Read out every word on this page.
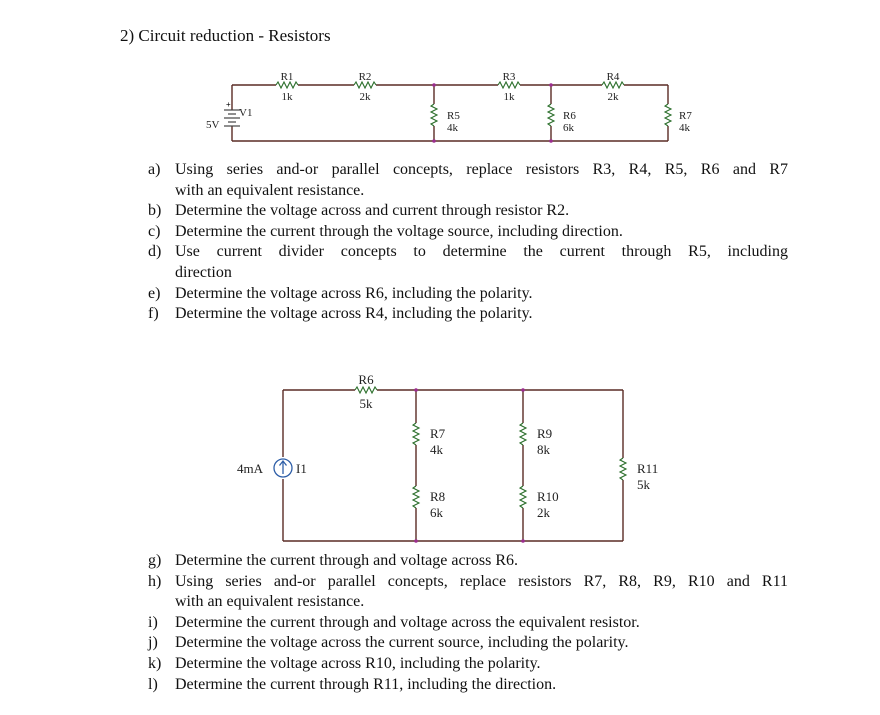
2) Circuit reduction - Resistors
+
R1
1k
R2
2k
R3
1k
R4
2k
R5
4k
R6
6k
R7
4k
V1
5V
R6
5k
R7
4k
R8
6k
R9
8k
R10
2k
R11
5k
I1
4mA
a) Using series and-or parallel concepts, replace resistors R3, R4, R5, R6 and R7
with an equivalent resistance.
b) Determine the voltage across and current through resistor R2.
c) Determine the current through the voltage source, including direction.
d) Use current divider concepts to determine the current through R5, including
direction
e) Determine the voltage across R6, including the polarity.
f) Determine the voltage across R4, including the polarity.
g) Determine the current through and voltage across R6.
h) Using series and-or parallel concepts, replace resistors R7, R8, R9, R10 and R11
with an equivalent resistance.
i) Determine the current through and voltage across the equivalent resistor.
j) Determine the voltage across the current source, including the polarity.
k) Determine the voltage across R10, including the polarity.
l) Determine the current through R11, including the direction.
